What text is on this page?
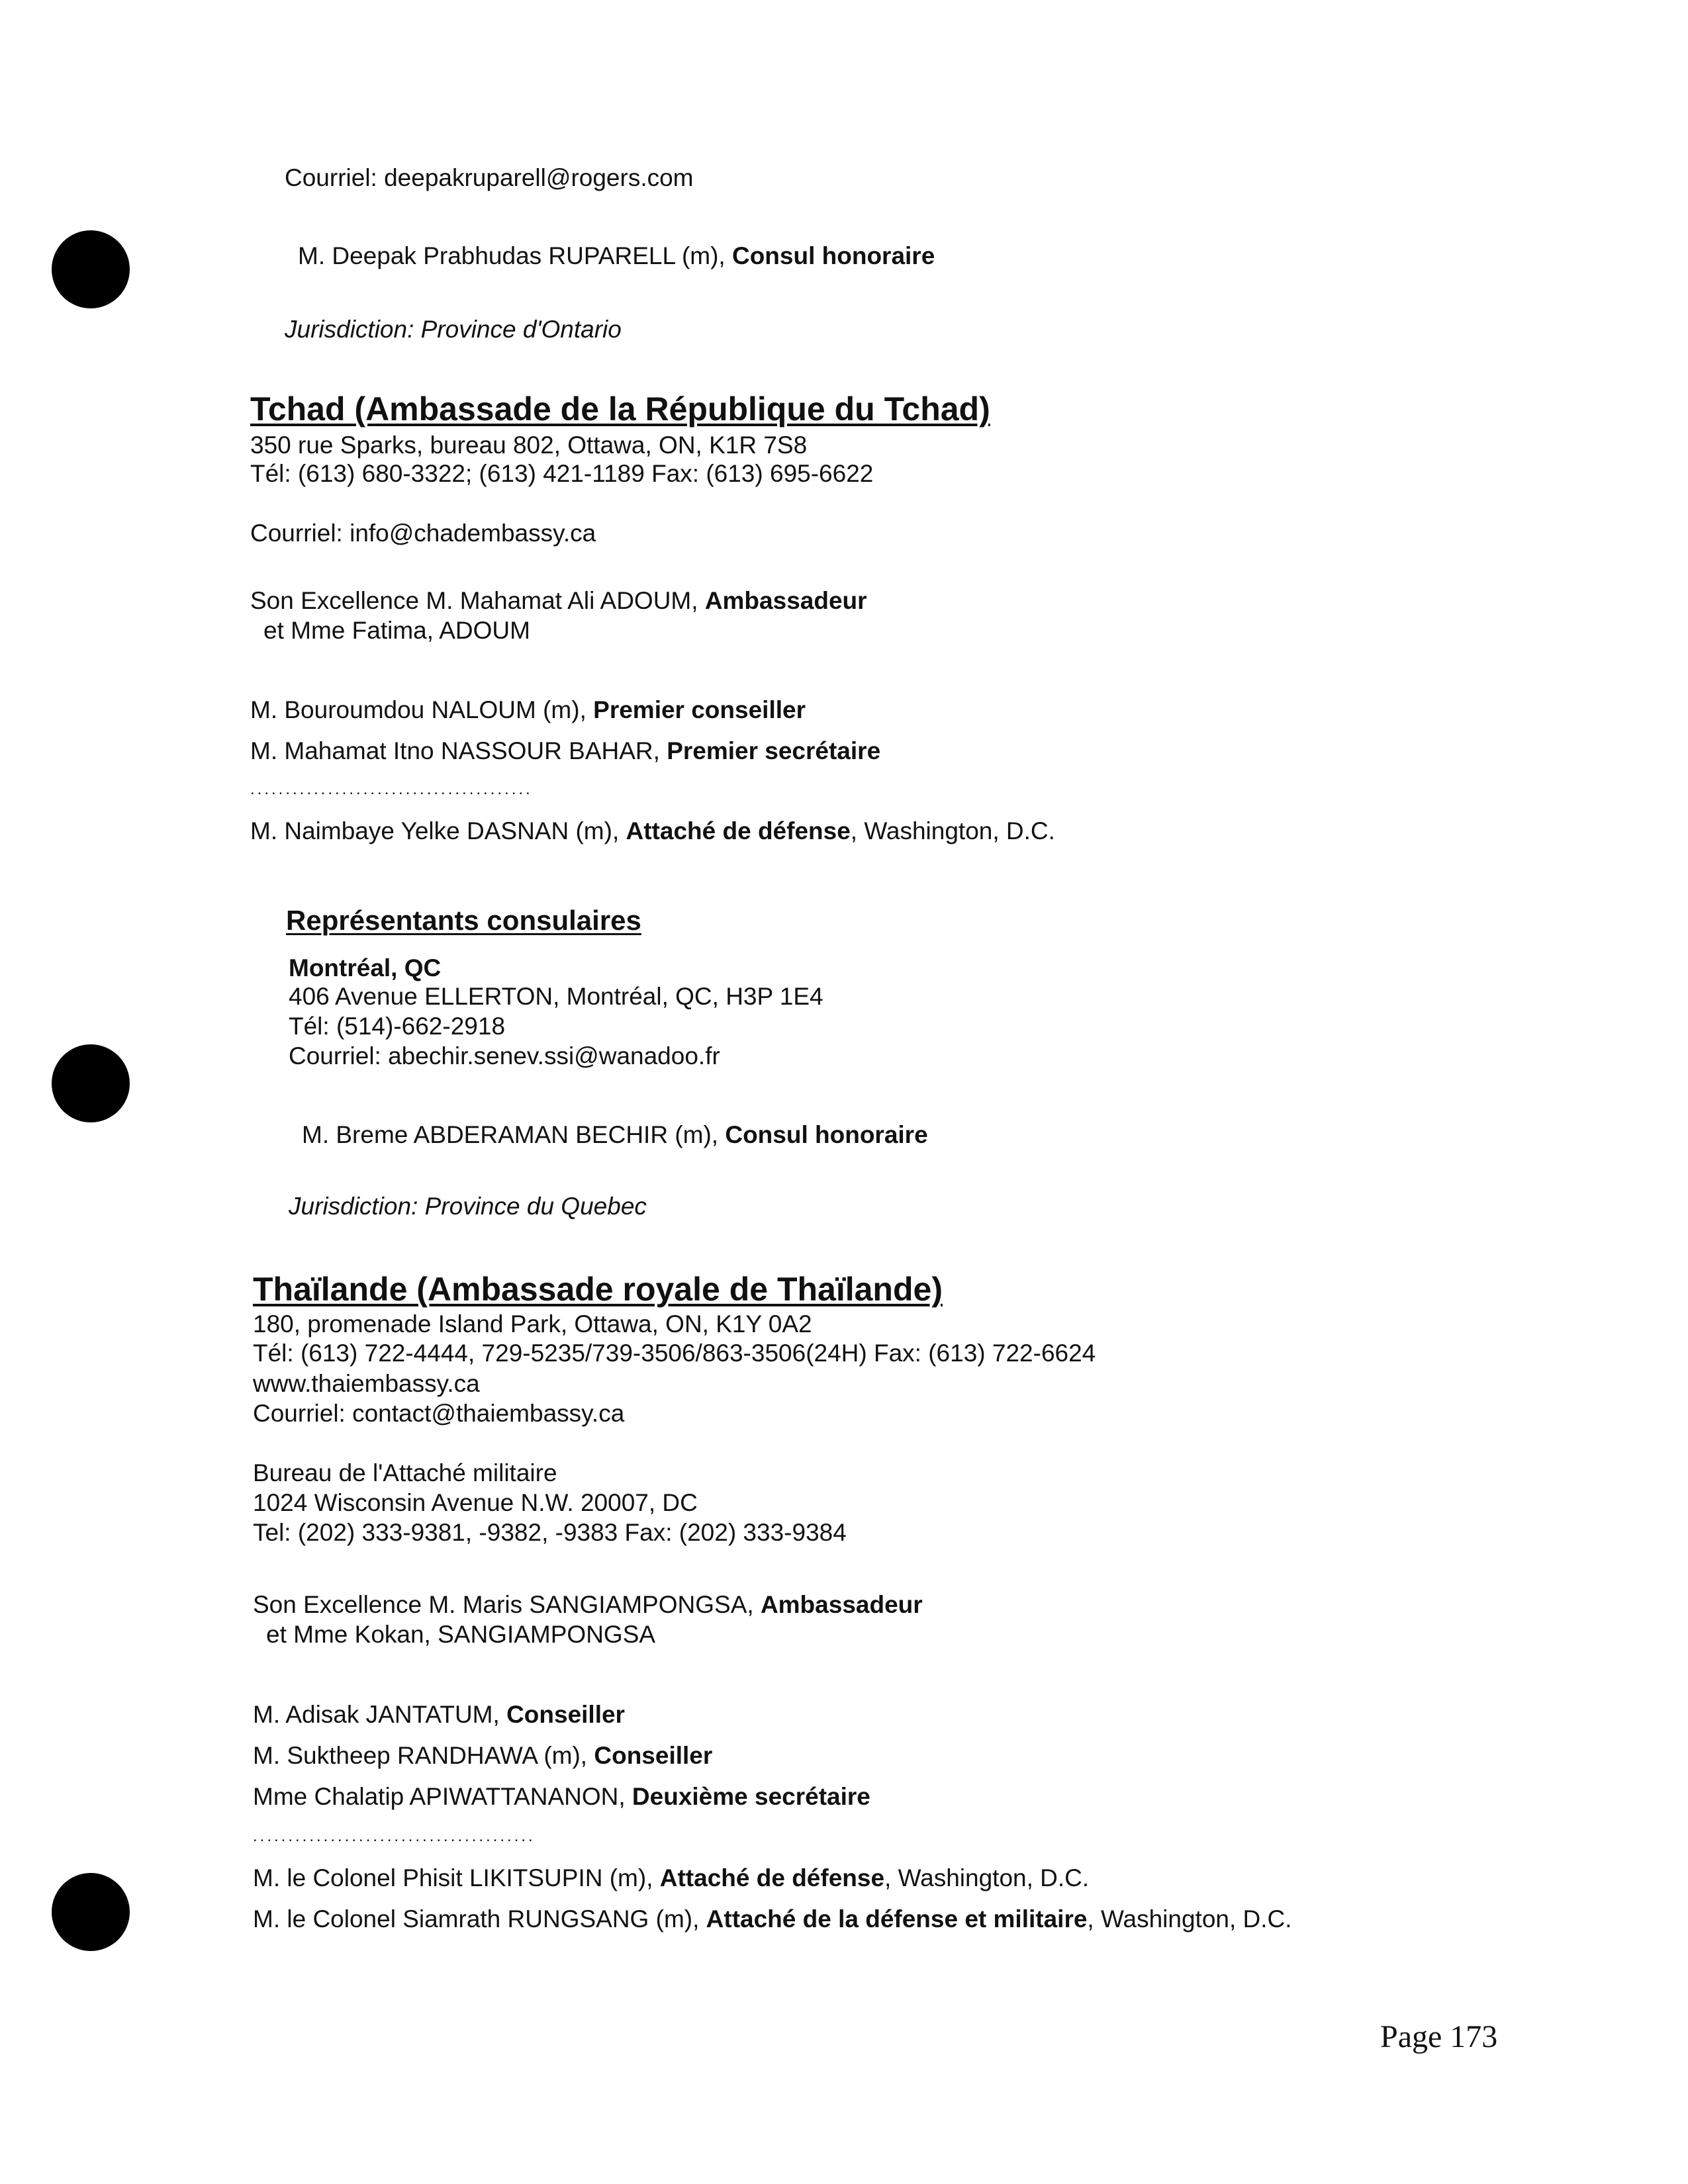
Courriel: deepakruparell@rogers.com
M. Deepak Prabhudas RUPARELL (m), Consul honoraire
Jurisdiction: Province d'Ontario
Tchad (Ambassade de la République du Tchad)
350 rue Sparks, bureau 802, Ottawa, ON, K1R 7S8
Tél: (613) 680-3322; (613) 421-1189 Fax: (613) 695-6622
Courriel: info@chadembassy.ca
Son Excellence M. Mahamat Ali ADOUM, Ambassadeur
et Mme Fatima, ADOUM
M. Bouroumdou NALOUM (m), Premier conseiller
M. Mahamat Itno NASSOUR BAHAR, Premier secrétaire
........................................
M. Naimbaye Yelke DASNAN (m), Attaché de défense, Washington, D.C.
Représentants consulaires
Montréal, QC
406 Avenue ELLERTON, Montréal, QC, H3P 1E4
Tél: (514)-662-2918
Courriel: abechir.senev.ssi@wanadoo.fr
M. Breme ABDERAMAN BECHIR (m), Consul honoraire
Jurisdiction: Province du Quebec
Thaïlande (Ambassade royale de Thaïlande)
180, promenade Island Park, Ottawa, ON, K1Y 0A2
Tél: (613) 722-4444, 729-5235/739-3506/863-3506(24H) Fax: (613) 722-6624
www.thaiembassy.ca
Courriel: contact@thaiembassy.ca
Bureau de l'Attaché militaire
1024 Wisconsin Avenue N.W. 20007, DC
Tel: (202) 333-9381, -9382, -9383 Fax: (202) 333-9384
Son Excellence M. Maris SANGIAMPONGSA, Ambassadeur
et Mme Kokan, SANGIAMPONGSA
M. Adisak JANTATUM, Conseiller
M. Suktheep RANDHAWA (m), Conseiller
Mme Chalatip APIWATTANANON, Deuxième secrétaire
........................................
M. le Colonel Phisit LIKITSUPIN (m), Attaché de défense, Washington, D.C.
M. le Colonel Siamrath RUNGSANG (m), Attaché de la défense et militaire, Washington, D.C.
Page 173
